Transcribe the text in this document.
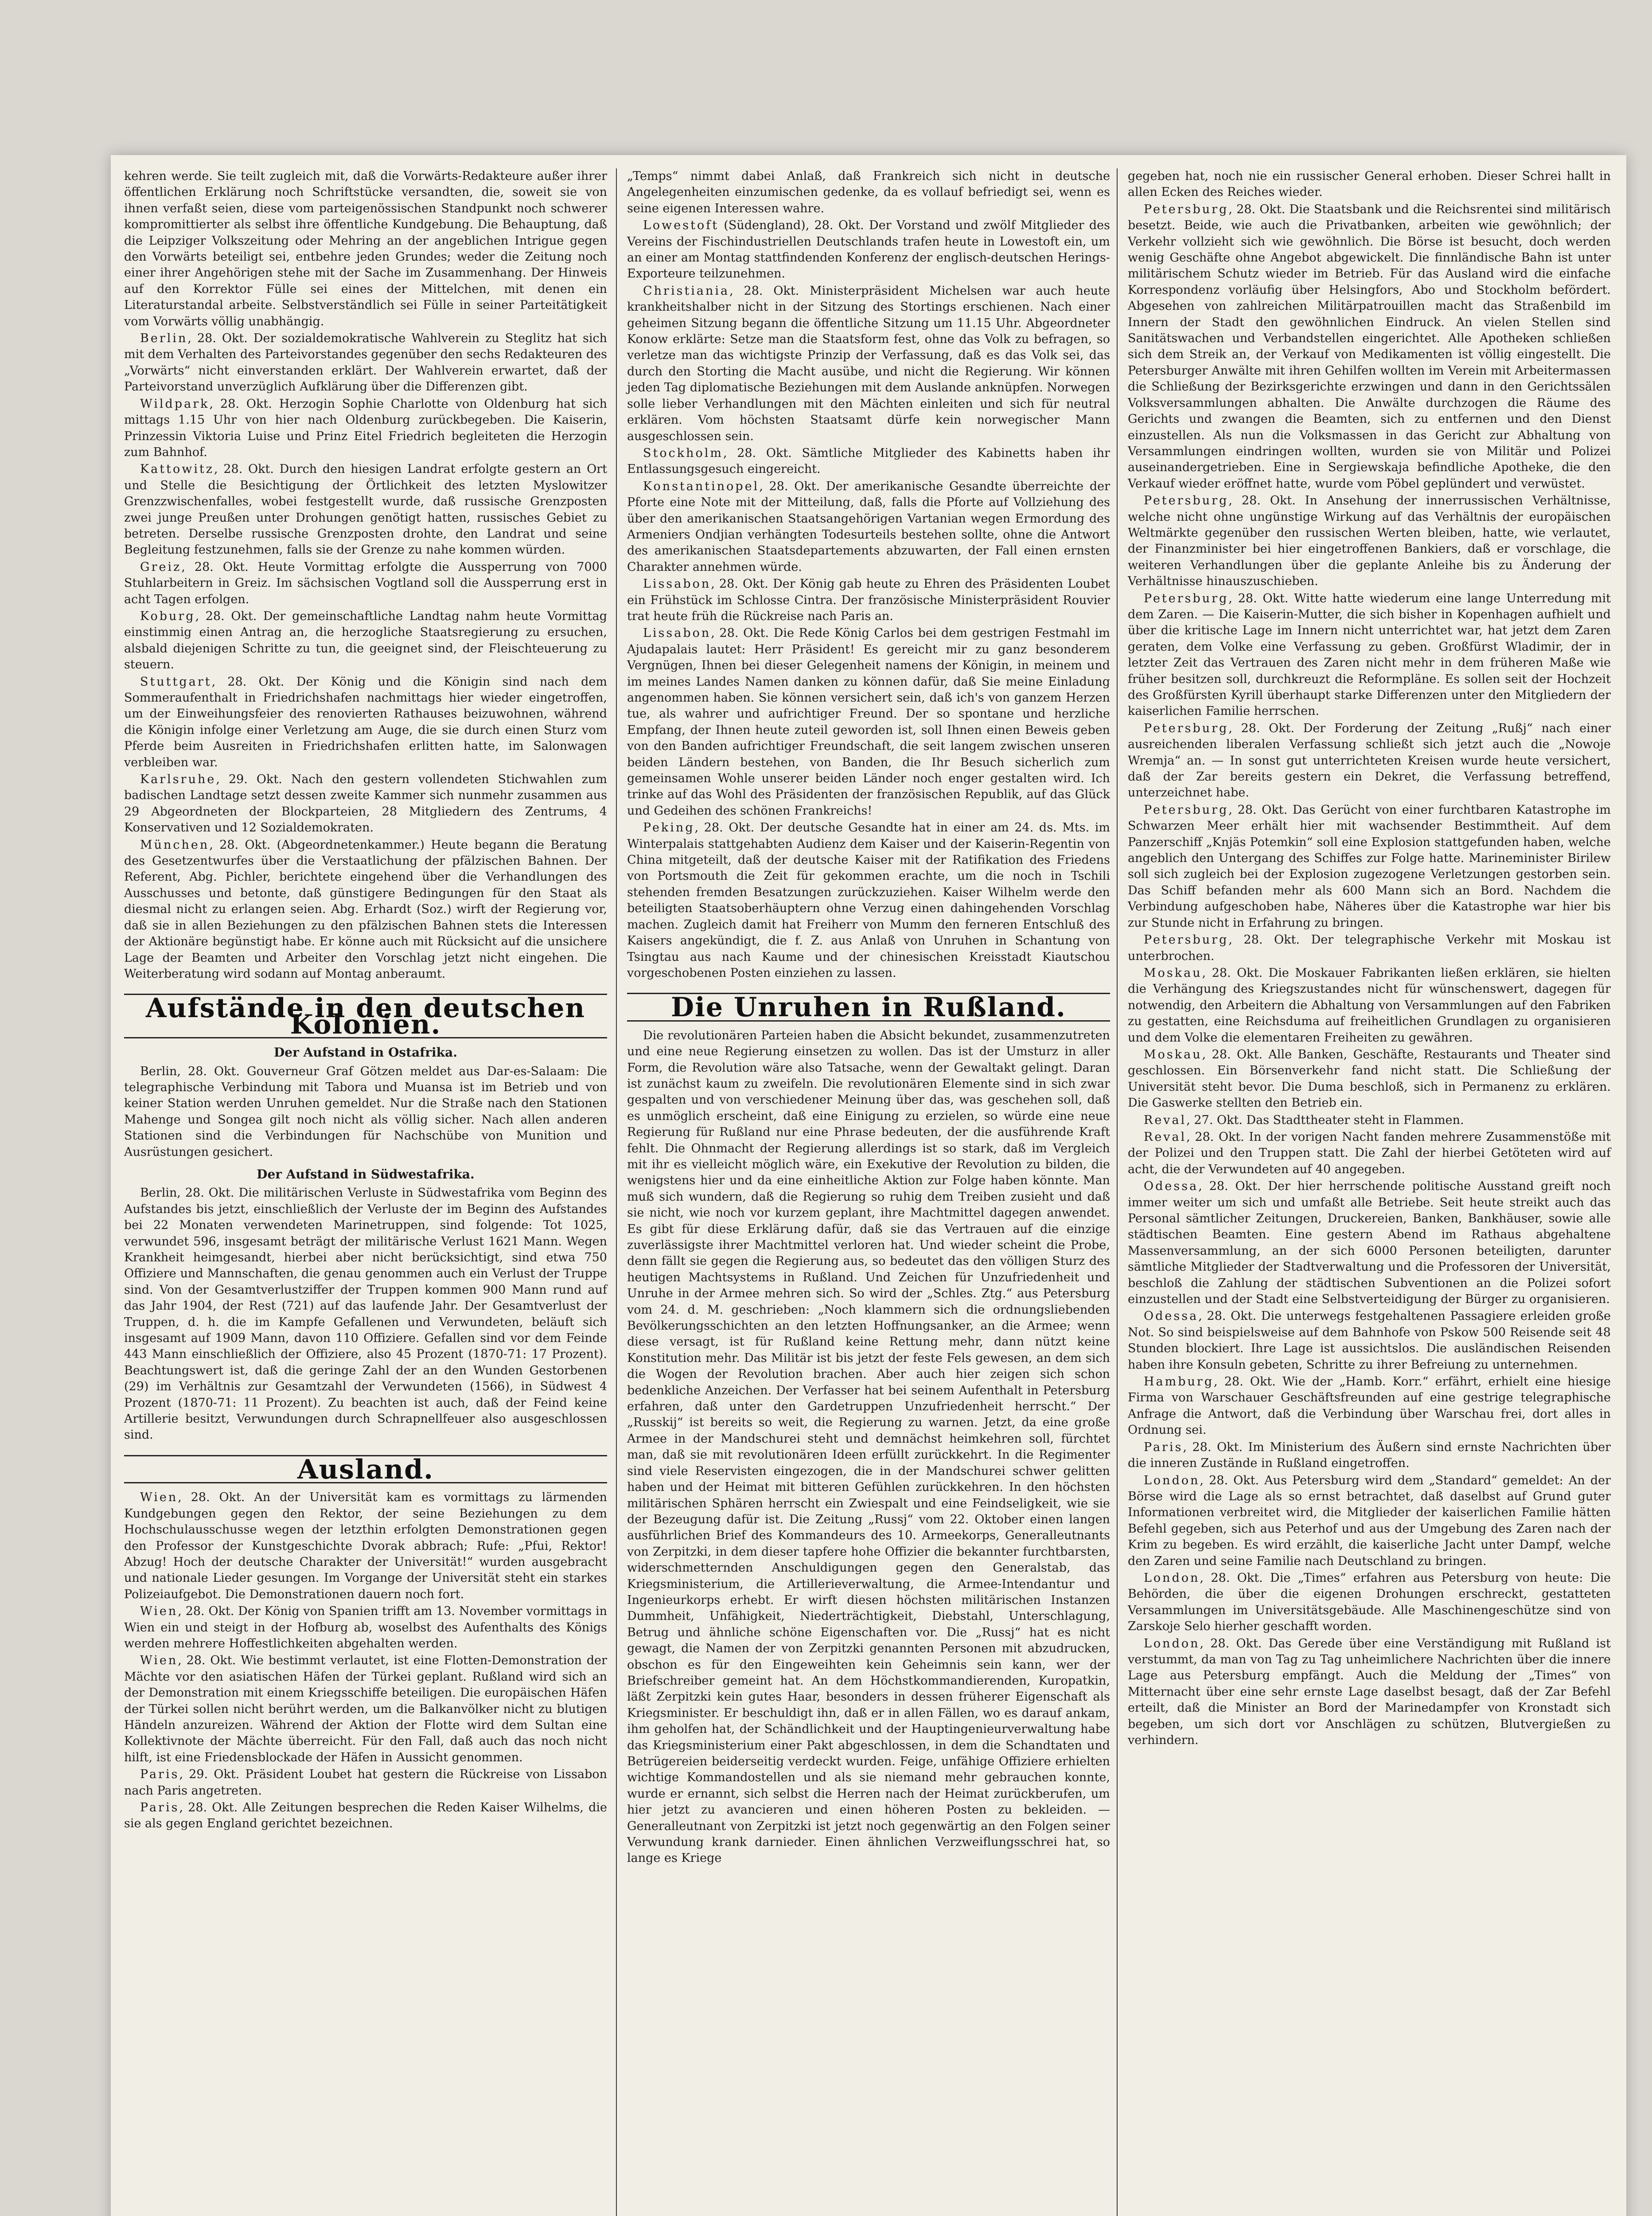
kehren werde. Sie teilt zugleich mit, daß die Vorwärts-Redakteure außer ihrer öffentlichen Erklärung noch Schriftstücke versandten, die, soweit sie von ihnen verfaßt seien, diese vom parteigenössischen Standpunkt noch schwerer kompromittierter als selbst ihre öffentliche Kundgebung. Die Behauptung, daß die Leipziger Volkszeitung oder Mehring an der angeblichen Intrigue gegen den Vorwärts beteiligt sei, entbehre jeden Grundes; weder die Zeitung noch einer ihrer Angehörigen stehe mit der Sache im Zusammenhang. Der Hinweis auf den Korrektor Fülle sei eines der Mittelchen, mit denen ein Literaturstandal arbeite. Selbstverständlich sei Fülle in seiner Parteitätigkeit vom Vorwärts völlig unabhängig.

Berlin, 28. Okt. Der sozialdemokratische Wahlverein zu Steglitz hat sich mit dem Verhalten des Parteivorstandes gegenüber den sechs Redakteuren des „Vorwärts“ nicht einverstanden erklärt. Der Wahlverein erwartet, daß der Parteivorstand unverzüglich Aufklärung über die Differenzen gibt.

Wildpark, 28. Okt. Herzogin Sophie Charlotte von Oldenburg hat sich mittags 1.15 Uhr von hier nach Oldenburg zurückbegeben. Die Kaiserin, Prinzessin Viktoria Luise und Prinz Eitel Friedrich begleiteten die Herzogin zum Bahnhof.

Kattowitz, 28. Okt. Durch den hiesigen Landrat erfolgte gestern an Ort und Stelle die Besichtigung der Örtlichkeit des letzten Myslowitzer Grenzzwischenfalles, wobei festgestellt wurde, daß russische Grenzposten zwei junge Preußen unter Drohungen genötigt hatten, russisches Gebiet zu betreten. Derselbe russische Grenzposten drohte, den Landrat und seine Begleitung festzunehmen, falls sie der Grenze zu nahe kommen würden.

Greiz, 28. Okt. Heute Vormittag erfolgte die Aussperrung von 7000 Stuhlarbeitern in Greiz. Im sächsischen Vogtland soll die Aussperrung erst in acht Tagen erfolgen.

Koburg, 28. Okt. Der gemeinschaftliche Landtag nahm heute Vormittag einstimmig einen Antrag an, die herzogliche Staatsregierung zu ersuchen, alsbald diejenigen Schritte zu tun, die geeignet sind, der Fleischteuerung zu steuern.

Stuttgart, 28. Okt. Der König und die Königin sind nach dem Sommeraufenthalt in Friedrichshafen nachmittags hier wieder eingetroffen, um der Einweihungsfeier des renovierten Rathauses beizuwohnen, während die Königin infolge einer Verletzung am Auge, die sie durch einen Sturz vom Pferde beim Ausreiten in Friedrichshafen erlitten hatte, im Salonwagen verbleiben war.

Karlsruhe, 29. Okt. Nach den gestern vollendeten Stichwahlen zum badischen Landtage setzt dessen zweite Kammer sich nunmehr zusammen aus 29 Abgeordneten der Blockparteien, 28 Mitgliedern des Zentrums, 4 Konservativen und 12 Sozialdemokraten.

München, 28. Okt. (Abgeordnetenkammer.) Heute begann die Beratung des Gesetzentwurfes über die Verstaatlichung der pfälzischen Bahnen. Der Referent, Abg. Pichler, berichtete eingehend über die Verhandlungen des Ausschusses und betonte, daß günstigere Bedingungen für den Staat als diesmal nicht zu erlangen seien. Abg. Erhardt (Soz.) wirft der Regierung vor, daß sie in allen Beziehungen zu den pfälzischen Bahnen stets die Interessen der Aktionäre begünstigt habe. Er könne auch mit Rücksicht auf die unsichere Lage der Beamten und Arbeiter den Vorschlag jetzt nicht eingehen. Die Weiterberatung wird sodann auf Montag anberaumt.

Aufstände in den deutschen Kolonien.
Der Aufstand in Ostafrika.

Berlin, 28. Okt. Gouverneur Graf Götzen meldet aus Dar-es-Salaam: Die telegraphische Verbindung mit Tabora und Muansa ist im Betrieb und von keiner Station werden Unruhen gemeldet. Nur die Straße nach den Stationen Mahenge und Songea gilt noch nicht als völlig sicher. Nach allen anderen Stationen sind die Verbindungen für Nachschübe von Munition und Ausrüstungen gesichert.

Der Aufstand in Südwestafrika.

Berlin, 28. Okt. Die militärischen Verluste in Südwestafrika vom Beginn des Aufstandes bis jetzt, einschließlich der Verluste der im Beginn des Aufstandes bei 22 Monaten verwendeten Marinetruppen, sind folgende: Tot 1025, verwundet 596, insgesamt beträgt der militärische Verlust 1621 Mann. Wegen Krankheit heimgesandt, hierbei aber nicht berücksichtigt, sind etwa 750 Offiziere und Mannschaften, die genau genommen auch ein Verlust der Truppe sind. Von der Gesamtverlustziffer der Truppen kommen 900 Mann rund auf das Jahr 1904, der Rest (721) auf das laufende Jahr. Der Gesamtverlust der Truppen, d. h. die im Kampfe Gefallenen und Verwundeten, beläuft sich insgesamt auf 1909 Mann, davon 110 Offiziere. Gefallen sind vor dem Feinde 443 Mann einschließlich der Offiziere, also 45 Prozent (1870-71: 17 Prozent). Beachtungswert ist, daß die geringe Zahl der an den Wunden Gestorbenen (29) im Verhältnis zur Gesamtzahl der Verwundeten (1566), in Südwest 4 Prozent (1870-71: 11 Prozent). Zu beachten ist auch, daß der Feind keine Artillerie besitzt, Verwundungen durch Schrapnellfeuer also ausgeschlossen sind.

Ausland.

Wien, 28. Okt. An der Universität kam es vormittags zu lärmenden Kundgebungen gegen den Rektor, der seine Beziehungen zu dem Hochschulausschusse wegen der letzthin erfolgten Demonstrationen gegen den Professor der Kunstgeschichte Dvorak abbrach; Rufe: „Pfui, Rektor! Abzug! Hoch der deutsche Charakter der Universität!“ wurden ausgebracht und nationale Lieder gesungen. Im Vorgange der Universität steht ein starkes Polizeiaufgebot. Die Demonstrationen dauern noch fort.

Wien, 28. Okt. Der König von Spanien trifft am 13. November vormittags in Wien ein und steigt in der Hofburg ab, woselbst des Aufenthalts des Königs werden mehrere Hoffestlichkeiten abgehalten werden.

Wien, 28. Okt. Wie bestimmt verlautet, ist eine Flotten-Demonstration der Mächte vor den asiatischen Häfen der Türkei geplant. Rußland wird sich an der Demonstration mit einem Kriegsschiffe beteiligen. Die europäischen Häfen der Türkei sollen nicht berührt werden, um die Balkanvölker nicht zu blutigen Händeln anzureizen. Während der Aktion der Flotte wird dem Sultan eine Kollektivnote der Mächte überreicht. Für den Fall, daß auch das noch nicht hilft, ist eine Friedensblockade der Häfen in Aussicht genommen.

Paris, 29. Okt. Präsident Loubet hat gestern die Rückreise von Lissabon nach Paris angetreten.

Paris, 28. Okt. Alle Zeitungen besprechen die Reden Kaiser Wilhelms, die sie als gegen England gerichtet bezeichnen.

„Temps“ nimmt dabei Anlaß, daß Frankreich sich nicht in deutsche Angelegenheiten einzumischen gedenke, da es vollauf befriedigt sei, wenn es seine eigenen Interessen wahre.

Lowestoft (Südengland), 28. Okt. Der Vorstand und zwölf Mitglieder des Vereins der Fischindustriellen Deutschlands trafen heute in Lowestoft ein, um an einer am Montag stattfindenden Konferenz der englisch-deutschen Herings-Exporteure teilzunehmen.

Christiania, 28. Okt. Ministerpräsident Michelsen war auch heute krankheitshalber nicht in der Sitzung des Stortings erschienen. Nach einer geheimen Sitzung begann die öffentliche Sitzung um 11.15 Uhr. Abgeordneter Konow erklärte: Setze man die Staatsform fest, ohne das Volk zu befragen, so verletze man das wichtigste Prinzip der Verfassung, daß es das Volk sei, das durch den Storting die Macht ausübe, und nicht die Regierung. Wir können jeden Tag diplomatische Beziehungen mit dem Auslande anknüpfen. Norwegen solle lieber Verhandlungen mit den Mächten einleiten und sich für neutral erklären. Vom höchsten Staatsamt dürfe kein norwegischer Mann ausgeschlossen sein.

Stockholm, 28. Okt. Sämtliche Mitglieder des Kabinetts haben ihr Entlassungsgesuch eingereicht.

Konstantinopel, 28. Okt. Der amerikanische Gesandte überreichte der Pforte eine Note mit der Mitteilung, daß, falls die Pforte auf Vollziehung des über den amerikanischen Staatsangehörigen Vartanian wegen Ermordung des Armeniers Ondjian verhängten Todesurteils bestehen sollte, ohne die Antwort des amerikanischen Staatsdepartements abzuwarten, der Fall einen ernsten Charakter annehmen würde.

Lissabon, 28. Okt. Der König gab heute zu Ehren des Präsidenten Loubet ein Frühstück im Schlosse Cintra. Der französische Ministerpräsident Rouvier trat heute früh die Rückreise nach Paris an.

Lissabon, 28. Okt. Die Rede König Carlos bei dem gestrigen Festmahl im Ajudapalais lautet: Herr Präsident! Es gereicht mir zu ganz besonderem Vergnügen, Ihnen bei dieser Gelegenheit namens der Königin, in meinem und im meines Landes Namen danken zu können dafür, daß Sie meine Einladung angenommen haben. Sie können versichert sein, daß ich's von ganzem Herzen tue, als wahrer und aufrichtiger Freund. Der so spontane und herzliche Empfang, der Ihnen heute zuteil geworden ist, soll Ihnen einen Beweis geben von den Banden aufrichtiger Freundschaft, die seit langem zwischen unseren beiden Ländern bestehen, von Banden, die Ihr Besuch sicherlich zum gemeinsamen Wohle unserer beiden Länder noch enger gestalten wird. Ich trinke auf das Wohl des Präsidenten der französischen Republik, auf das Glück und Gedeihen des schönen Frankreichs!

Peking, 28. Okt. Der deutsche Gesandte hat in einer am 24. ds. Mts. im Winterpalais stattgehabten Audienz dem Kaiser und der Kaiserin-Regentin von China mitgeteilt, daß der deutsche Kaiser mit der Ratifikation des Friedens von Portsmouth die Zeit für gekommen erachte, um die noch in Tschili stehenden fremden Besatzungen zurückzuziehen. Kaiser Wilhelm werde den beteiligten Staatsoberhäuptern ohne Verzug einen dahingehenden Vorschlag machen. Zugleich damit hat Freiherr von Mumm den ferneren Entschluß des Kaisers angekündigt, die f. Z. aus Anlaß von Unruhen in Schantung von Tsingtau aus nach Kaume und der chinesischen Kreisstadt Kiautschou vorgeschobenen Posten einziehen zu lassen.

Die Unruhen in Rußland.

Die revolutionären Parteien haben die Absicht bekundet, zusammenzutreten und eine neue Regierung einsetzen zu wollen. Das ist der Umsturz in aller Form, die Revolution wäre also Tatsache, wenn der Gewaltakt gelingt. Daran ist zunächst kaum zu zweifeln. Die revolutionären Elemente sind in sich zwar gespalten und von verschiedener Meinung über das, was geschehen soll, daß es unmöglich erscheint, daß eine Einigung zu erzielen, so würde eine neue Regierung für Rußland nur eine Phrase bedeuten, der die ausführende Kraft fehlt. Die Ohnmacht der Regierung allerdings ist so stark, daß im Vergleich mit ihr es vielleicht möglich wäre, ein Exekutive der Revolution zu bilden, die wenigstens hier und da eine einheitliche Aktion zur Folge haben könnte. Man muß sich wundern, daß die Regierung so ruhig dem Treiben zusieht und daß sie nicht, wie noch vor kurzem geplant, ihre Machtmittel dagegen anwendet. Es gibt für diese Erklärung dafür, daß sie das Vertrauen auf die einzige zuverlässigste ihrer Machtmittel verloren hat. Und wieder scheint die Probe, denn fällt sie gegen die Regierung aus, so bedeutet das den völligen Sturz des heutigen Machtsystems in Rußland. Und Zeichen für Unzufriedenheit und Unruhe in der Armee mehren sich. So wird der „Schles. Ztg.“ aus Petersburg vom 24. d. M. geschrieben: „Noch klammern sich die ordnungsliebenden Bevölkerungsschichten an den letzten Hoffnungsanker, an die Armee; wenn diese versagt, ist für Rußland keine Rettung mehr, dann nützt keine Konstitution mehr. Das Militär ist bis jetzt der feste Fels gewesen, an dem sich die Wogen der Revolution brachen. Aber auch hier zeigen sich schon bedenkliche Anzeichen. Der Verfasser hat bei seinem Aufenthalt in Petersburg erfahren, daß unter den Gardetruppen Unzufriedenheit herrscht.“ Der „Russkij“ ist bereits so weit, die Regierung zu warnen. Jetzt, da eine große Armee in der Mandschurei steht und demnächst heimkehren soll, fürchtet man, daß sie mit revolutionären Ideen erfüllt zurückkehrt. In die Regimenter sind viele Reservisten eingezogen, die in der Mandschurei schwer gelitten haben und der Heimat mit bitteren Gefühlen zurückkehren. In den höchsten militärischen Sphären herrscht ein Zwiespalt und eine Feindseligkeit, wie sie der Bezeugung dafür ist. Die Zeitung „Russj“ vom 22. Oktober einen langen ausführlichen Brief des Kommandeurs des 10. Armeekorps, Generalleutnants von Zerpitzki, in dem dieser tapfere hohe Offizier die bekannter furchtbarsten, widerschmetternden Anschuldigungen gegen den Generalstab, das Kriegsministerium, die Artillerieverwaltung, die Armee-Intendantur und Ingenieurkorps erhebt. Er wirft diesen höchsten militärischen Instanzen Dummheit, Unfähigkeit, Niederträchtigkeit, Diebstahl, Unterschlagung, Betrug und ähnliche schöne Eigenschaften vor. Die „Russj“ hat es nicht gewagt, die Namen der von Zerpitzki genannten Personen mit abzudrucken, obschon es für den Eingeweihten kein Geheimnis sein kann, wer der Briefschreiber gemeint hat. An dem Höchstkommandierenden, Kuropatkin, läßt Zerpitzki kein gutes Haar, besonders in dessen früherer Eigenschaft als Kriegsminister. Er beschuldigt ihn, daß er in allen Fällen, wo es darauf ankam, ihm geholfen hat, der Schändlichkeit und der Hauptingenieurverwaltung habe das Kriegsministerium einer Pakt abgeschlossen, in dem die Schandtaten und Betrügereien beiderseitig verdeckt wurden. Feige, unfähige Offiziere erhielten wichtige Kommandostellen und als sie niemand mehr gebrauchen konnte, wurde er ernannt, sich selbst die Herren nach der Heimat zurückberufen, um hier jetzt zu avancieren und einen höheren Posten zu bekleiden. — Generalleutnant von Zerpitzki ist jetzt noch gegenwärtig an den Folgen seiner Verwundung krank darnieder. Einen ähnlichen Verzweiflungsschrei hat, so lange es Kriege

gegeben hat, noch nie ein russischer General erhoben. Dieser Schrei hallt in allen Ecken des Reiches wieder.

Petersburg, 28. Okt. Die Staatsbank und die Reichsrentei sind militärisch besetzt. Beide, wie auch die Privatbanken, arbeiten wie gewöhnlich; der Verkehr vollzieht sich wie gewöhnlich. Die Börse ist besucht, doch werden wenig Geschäfte ohne Angebot abgewickelt. Die finnländische Bahn ist unter militärischem Schutz wieder im Betrieb. Für das Ausland wird die einfache Korrespondenz vorläufig über Helsingfors, Abo und Stockholm befördert. Abgesehen von zahlreichen Militärpatrouillen macht das Straßenbild im Innern der Stadt den gewöhnlichen Eindruck. An vielen Stellen sind Sanitätswachen und Verbandstellen eingerichtet. Alle Apotheken schließen sich dem Streik an, der Verkauf von Medikamenten ist völlig eingestellt. Die Petersburger Anwälte mit ihren Gehilfen wollten im Verein mit Arbeitermassen die Schließung der Bezirksgerichte erzwingen und dann in den Gerichtssälen Volksversammlungen abhalten. Die Anwälte durchzogen die Räume des Gerichts und zwangen die Beamten, sich zu entfernen und den Dienst einzustellen. Als nun die Volksmassen in das Gericht zur Abhaltung von Versammlungen eindringen wollten, wurden sie von Militär und Polizei auseinandergetrieben. Eine in Sergiewskaja befindliche Apotheke, die den Verkauf wieder eröffnet hatte, wurde vom Pöbel geplündert und verwüstet.

Petersburg, 28. Okt. In Ansehung der innerrussischen Verhältnisse, welche nicht ohne ungünstige Wirkung auf das Verhältnis der europäischen Weltmärkte gegenüber den russischen Werten bleiben, hatte, wie verlautet, der Finanzminister bei hier eingetroffenen Bankiers, daß er vorschlage, die weiteren Verhandlungen über die geplante Anleihe bis zu Änderung der Verhältnisse hinauszuschieben.

Petersburg, 28. Okt. Witte hatte wiederum eine lange Unterredung mit dem Zaren. — Die Kaiserin-Mutter, die sich bisher in Kopenhagen aufhielt und über die kritische Lage im Innern nicht unterrichtet war, hat jetzt dem Zaren geraten, dem Volke eine Verfassung zu geben. Großfürst Wladimir, der in letzter Zeit das Vertrauen des Zaren nicht mehr in dem früheren Maße wie früher besitzen soll, durchkreuzt die Reformpläne. Es sollen seit der Hochzeit des Großfürsten Kyrill überhaupt starke Differenzen unter den Mitgliedern der kaiserlichen Familie herrschen.

Petersburg, 28. Okt. Der Forderung der Zeitung „Rußj“ nach einer ausreichenden liberalen Verfassung schließt sich jetzt auch die „Nowoje Wremja“ an. — In sonst gut unterrichteten Kreisen wurde heute versichert, daß der Zar bereits gestern ein Dekret, die Verfassung betreffend, unterzeichnet habe.

Petersburg, 28. Okt. Das Gerücht von einer furchtbaren Katastrophe im Schwarzen Meer erhält hier mit wachsender Bestimmtheit. Auf dem Panzerschiff „Knjäs Potemkin“ soll eine Explosion stattgefunden haben, welche angeblich den Untergang des Schiffes zur Folge hatte. Marineminister Birilew soll sich zugleich bei der Explosion zugezogene Verletzungen gestorben sein. Das Schiff befanden mehr als 600 Mann sich an Bord. Nachdem die Verbindung aufgeschoben habe, Näheres über die Katastrophe war hier bis zur Stunde nicht in Erfahrung zu bringen.

Petersburg, 28. Okt. Der telegraphische Verkehr mit Moskau ist unterbrochen.

Moskau, 28. Okt. Die Moskauer Fabrikanten ließen erklären, sie hielten die Verhängung des Kriegszustandes nicht für wünschenswert, dagegen für notwendig, den Arbeitern die Abhaltung von Versammlungen auf den Fabriken zu gestatten, eine Reichsduma auf freiheitlichen Grundlagen zu organisieren und dem Volke die elementaren Freiheiten zu gewähren.

Moskau, 28. Okt. Alle Banken, Geschäfte, Restaurants und Theater sind geschlossen. Ein Börsenverkehr fand nicht statt. Die Schließung der Universität steht bevor. Die Duma beschloß, sich in Permanenz zu erklären. Die Gaswerke stellten den Betrieb ein.

Reval, 27. Okt. Das Stadttheater steht in Flammen.

Reval, 28. Okt. In der vorigen Nacht fanden mehrere Zusammenstöße mit der Polizei und den Truppen statt. Die Zahl der hierbei Getöteten wird auf acht, die der Verwundeten auf 40 angegeben.

Odessa, 28. Okt. Der hier herrschende politische Ausstand greift noch immer weiter um sich und umfaßt alle Betriebe. Seit heute streikt auch das Personal sämtlicher Zeitungen, Druckereien, Banken, Bankhäuser, sowie alle städtischen Beamten. Eine gestern Abend im Rathaus abgehaltene Massenversammlung, an der sich 6000 Personen beteiligten, darunter sämtliche Mitglieder der Stadtverwaltung und die Professoren der Universität, beschloß die Zahlung der städtischen Subventionen an die Polizei sofort einzustellen und der Stadt eine Selbstverteidigung der Bürger zu organisieren.

Odessa, 28. Okt. Die unterwegs festgehaltenen Passagiere erleiden große Not. So sind beispielsweise auf dem Bahnhofe von Pskow 500 Reisende seit 48 Stunden blockiert. Ihre Lage ist aussichtslos. Die ausländischen Reisenden haben ihre Konsuln gebeten, Schritte zu ihrer Befreiung zu unternehmen.

Hamburg, 28. Okt. Wie der „Hamb. Korr.“ erfährt, erhielt eine hiesige Firma von Warschauer Geschäftsfreunden auf eine gestrige telegraphische Anfrage die Antwort, daß die Verbindung über Warschau frei, dort alles in Ordnung sei.

Paris, 28. Okt. Im Ministerium des Äußern sind ernste Nachrichten über die inneren Zustände in Rußland eingetroffen.

London, 28. Okt. Aus Petersburg wird dem „Standard“ gemeldet: An der Börse wird die Lage als so ernst betrachtet, daß daselbst auf Grund guter Informationen verbreitet wird, die Mitglieder der kaiserlichen Familie hätten Befehl gegeben, sich aus Peterhof und aus der Umgebung des Zaren nach der Krim zu begeben. Es wird erzählt, die kaiserliche Jacht unter Dampf, welche den Zaren und seine Familie nach Deutschland zu bringen.

London, 28. Okt. Die „Times“ erfahren aus Petersburg von heute: Die Behörden, die über die eigenen Drohungen erschreckt, gestatteten Versammlungen im Universitätsgebäude. Alle Maschinengeschütze sind von Zarskoje Selo hierher geschafft worden.

London, 28. Okt. Das Gerede über eine Verständigung mit Rußland ist verstummt, da man von Tag zu Tag unheimlichere Nachrichten über die innere Lage aus Petersburg empfängt. Auch die Meldung der „Times“ von Mitternacht über eine sehr ernste Lage daselbst besagt, daß der Zar Befehl erteilt, daß die Minister an Bord der Marinedampfer von Kronstadt sich begeben, um sich dort vor Anschlägen zu schützen, Blutvergießen zu verhindern.
